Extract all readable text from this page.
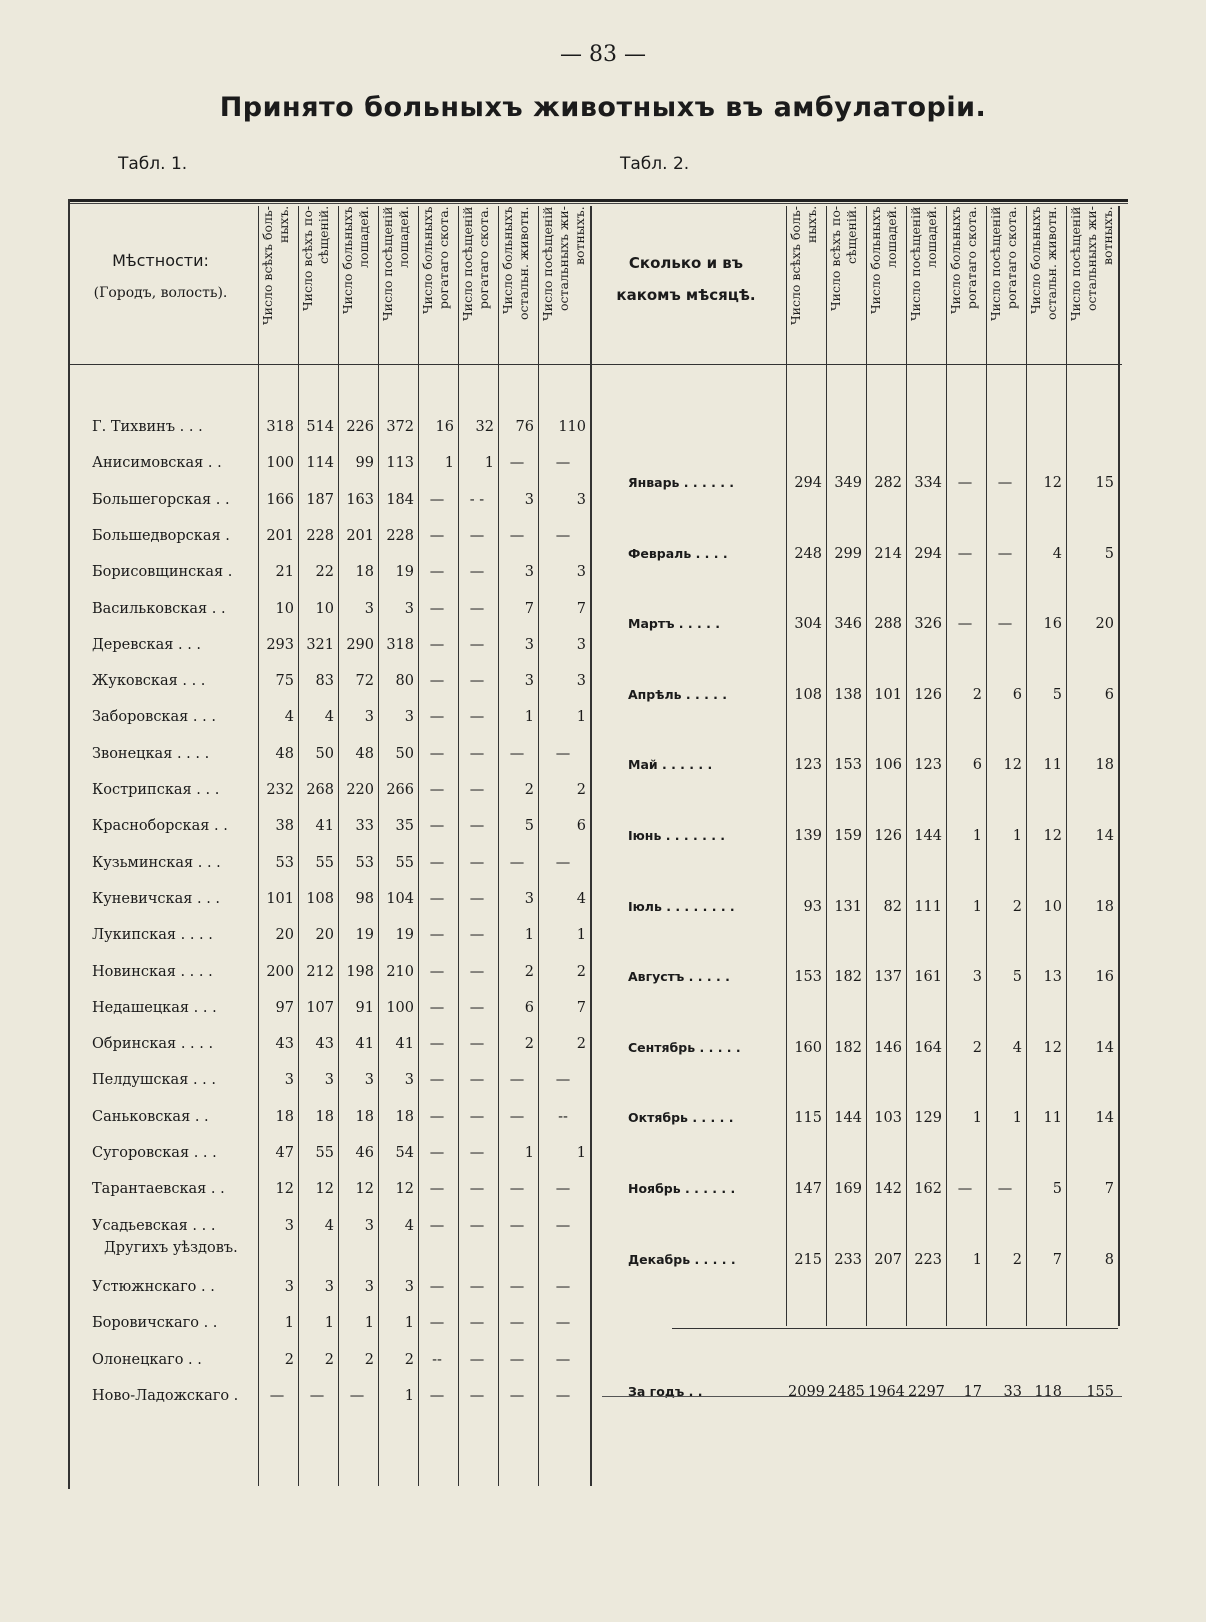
— 83 —
Принято больныхъ животныхъ въ амбулаторiи.
Табл. 1.	Табл. 2.
Мѣстности:
(Городъ, волость).
Сколько и въ
какомъ мѣсяцѣ.
Число всѣхъ боль-ныхъ. Число всѣхъ по-сѣщенiй. Число больныхъ лошадей. Число посѣщенiй лошадей. Число больныхъ рогатаго скота. Число посѣщенiй рогатаго скота. Число больныхъ остальн. животн. Число посѣщенiй остальныхъ жи-вотныхъ.	Число всѣхъ боль-ныхъ. Число всѣхъ по-сѣщенiй. Число больныхъ лошадей. Число посѣщенiй лошадей. Число больныхъ рогатаго скота. Число посѣщенiй рогатаго скота. Число больныхъ остальн. животн. Число посѣщенiй остальныхъ жи-вотныхъ.
Г. Тихвинъ . . .	318 514 226 372	16	32	76	110
Анисимовская . .	100 114	99 113	1	1	—	—
Большегорская . .	166 187 163 184	—	- -	3	3
Большедворская .	201 228 201 228	—	—	—	—
Борисовщинская .	21	22	18	19	—	—	3	3
Васильковская . .	10	10	3	3	—	—	7	7
Деревская . . .	293 321 290 318	—	—	3	3
Жуковская . . .	75	83	72	80	—	—	3	3
Заборовская . . .	4	4	3	3	—	—	1	1
Звонецкая . . . .	48	50	48	50	—	—	—	—
Кострипская . . .	232 268 220 266	—	—	2	2
Красноборская . .	38	41	33	35	—	—	5	6
Кузьминская . . .	53	55	53	55	—	—	—	—
Куневичская . . .	101 108	98 104	—	—	3	4
Лукипская . . . .	20	20	19	19	—	—	1	1
Новинская . . . .	200 212 198 210	—	—	2	2
Недашецкая . . .	97 107	91 100	—	—	6	7
Обринская . . . .	43	43	41	41	—	—	2	2
Пелдушская . . .	3	3	3	3	—	—	—	—
Саньковская . .	18	18	18	18	—	—	—	--
Сугоровская . . .	47	55	46	54	—	—	1	1
Тарантаевская . .	12	12	12	12	—	—	—	—
Усадьевская . . .	3	4	3	4	—	—	—	—
Устюжнскаго . .	3	3	3	3	—	—	—	—
Боровичскаго . .	1	1	1	1	—	—	—	—
Олонецкаго . .	2	2	2	2	--	—	—	—
Ново-Ладожскаго .	—	—	—	1	—	—	—	—
Другихъ уѣздовъ.
Январь . . . . . .	294 349 282 334	—	—	12	15
Февраль . . . .	248 299 214 294	—	—	4	5
Мартъ . . . . .	304 346 288 326	—	—	16	20
Апрѣль . . . . .	108 138 101 126	2	6	5	6
Май . . . . . .	123 153 106 123	6	12	11	18
Iюнь . . . . . . .	139 159 126 144	1	1	12	14
Iюль . . . . . . . .	93 131	82 111	1	2	10	18
Августъ . . . . .	153 182 137 161	3	5	13	16
Сентябрь . . . . .	160 182 146 164	2	4	12	14
Октябрь . . . . .	115 144 103 129	1	1	11	14
Ноябрь . . . . . .	147 169 142 162	—	—	5	7
Декабрь . . . . .	215 233 207 223	1	2	7	8
За годъ . .	2099 2485 1964 2297	17	33 118	155
